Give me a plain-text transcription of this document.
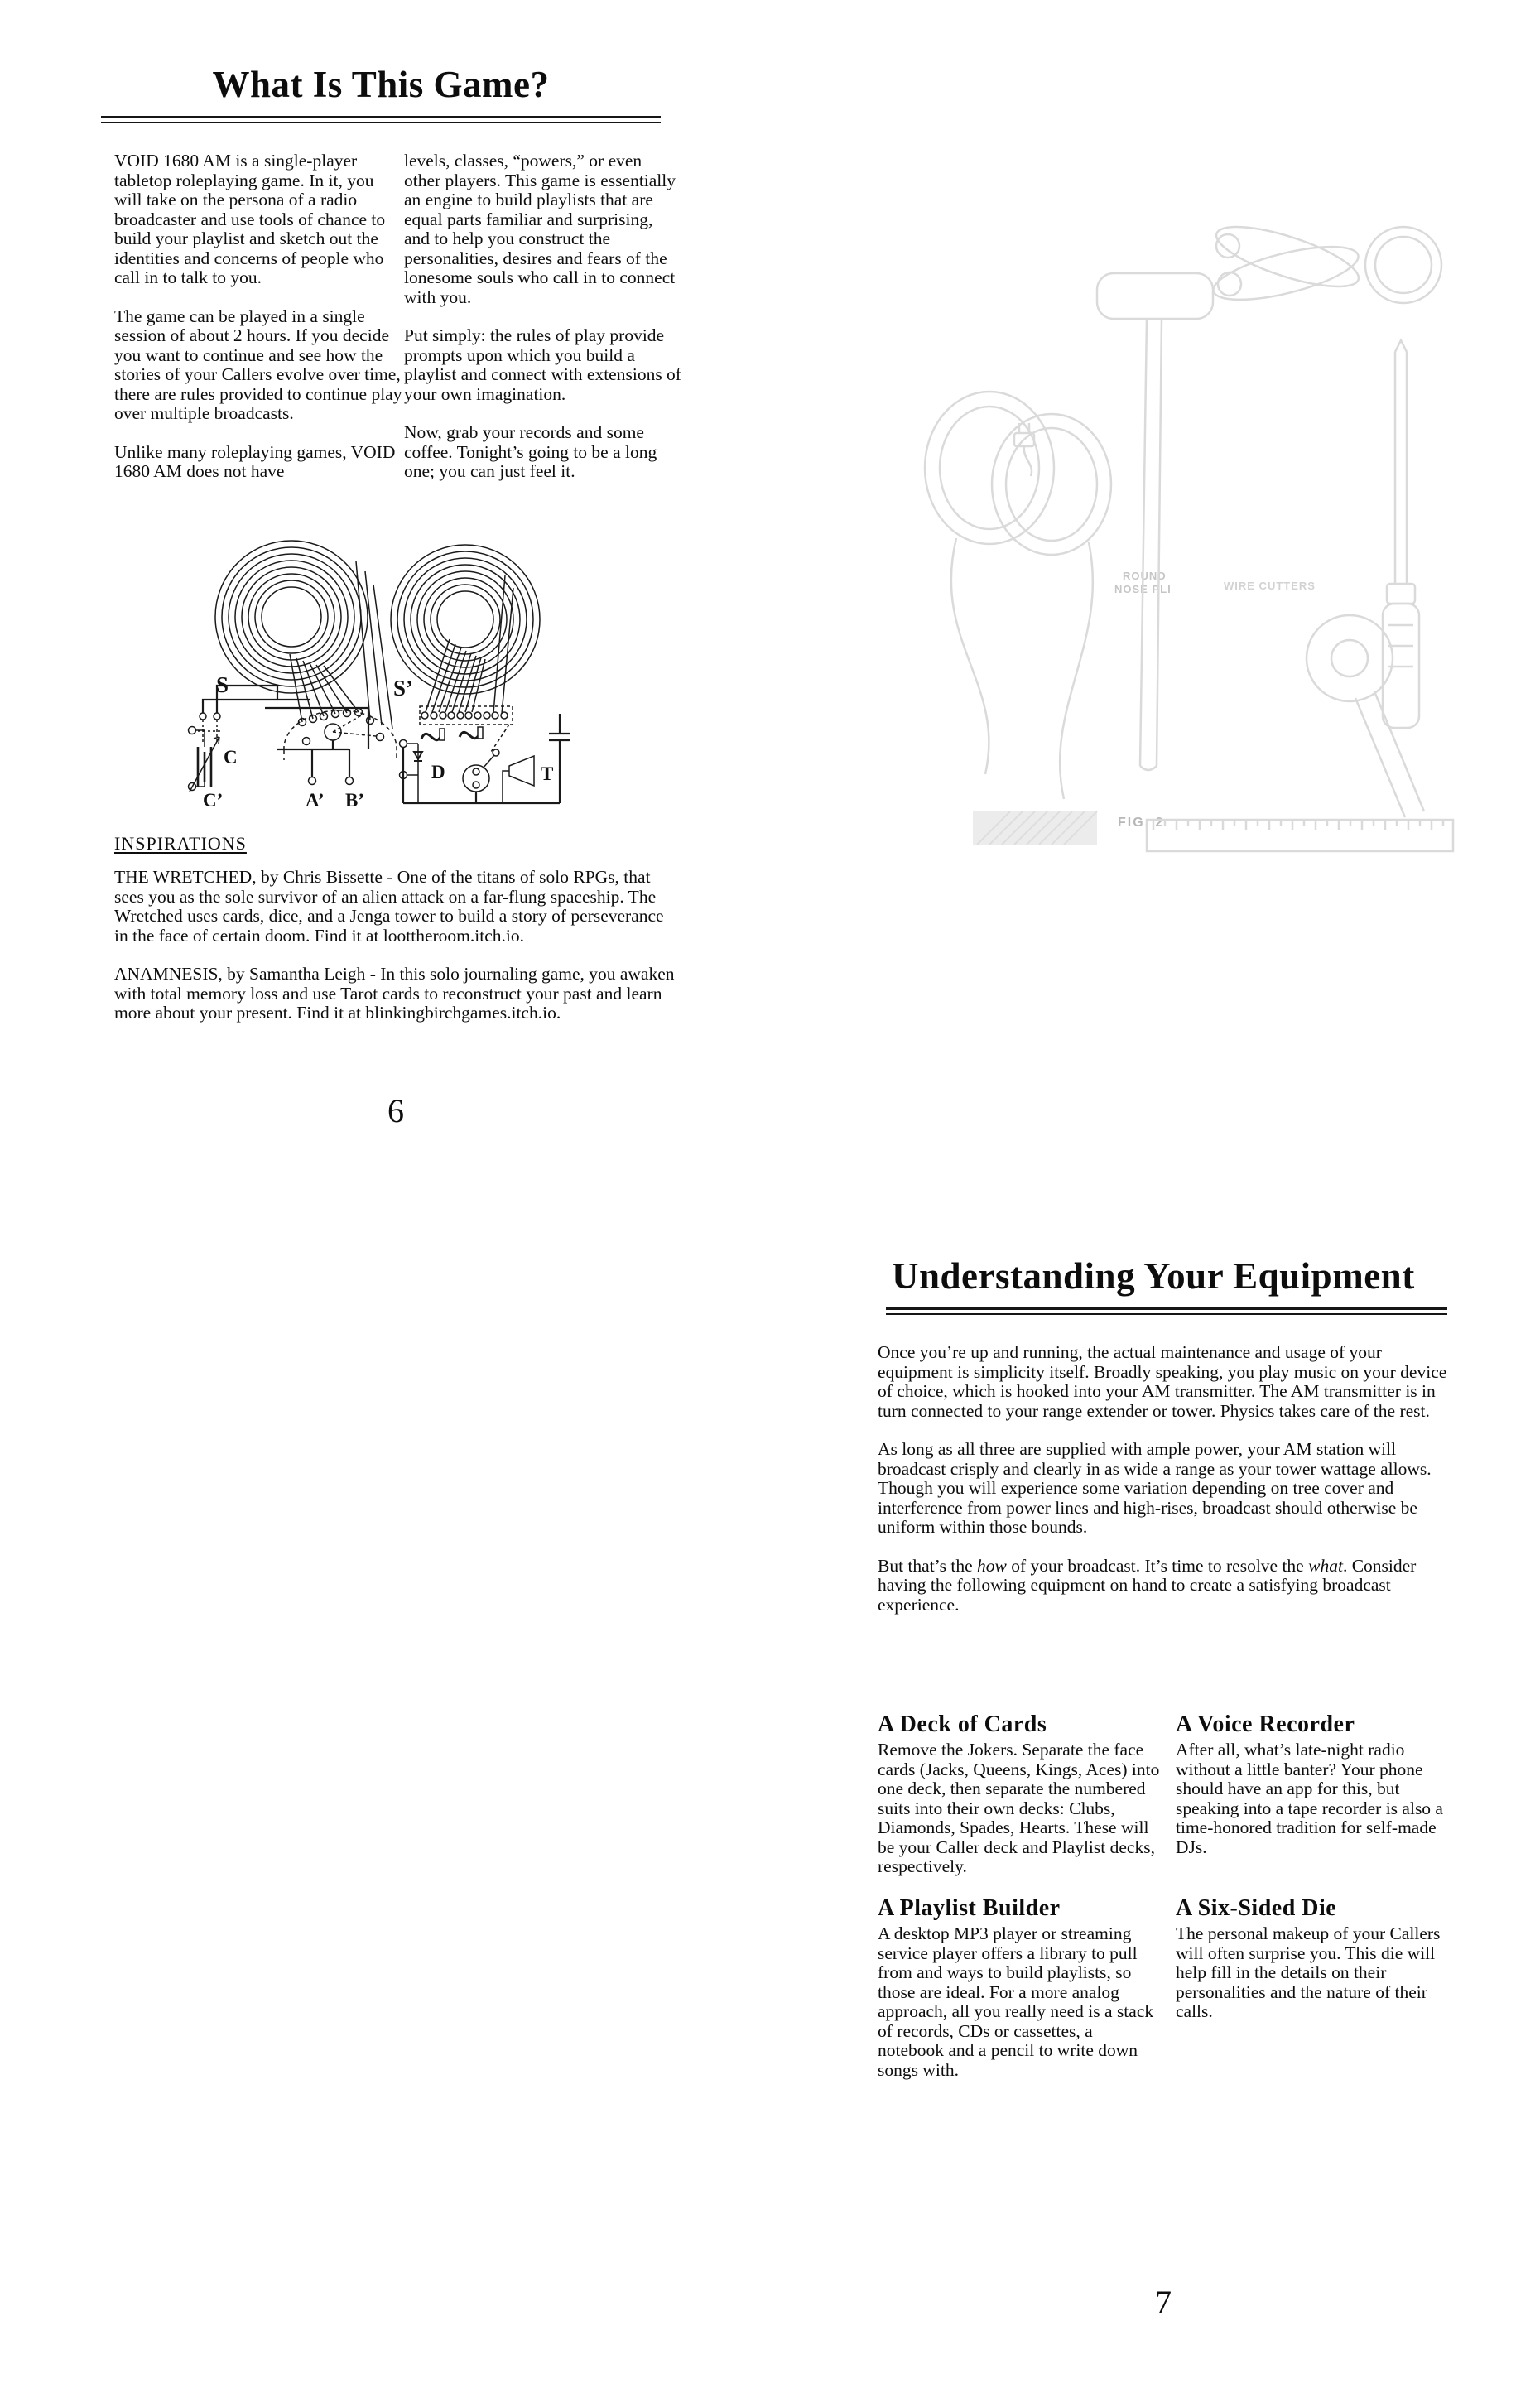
What Is This Game?

VOID 1680 AM is a single-player tabletop roleplaying game. In it, you will take on the persona of a radio broadcaster and use tools of chance to build your playlist and sketch out the identities and concerns of people who call in to talk to you.

The game can be played in a single session of about 2 hours. If you decide you want to continue and see how the stories of your Callers evolve over time, there are rules provided to continue play over multiple broadcasts.

Unlike many roleplaying games, VOID 1680 AM does not have

levels, classes, “powers,” or even other players. This game is essentially an engine to build playlists that are equal parts familiar and surprising, and to help you construct the personalities, desires and fears of the lonesome souls who call in to connect with you.

Put simply: the rules of play provide prompts upon which you build a playlist and connect with extensions of your own imagination.

Now, grab your records and some coffee. Tonight’s going to be a long one; you can just feel it.

S	S’
C
C’	A’ B’
D	T
INSPIRATIONS

THE WRETCHED, by Chris Bissette - One of the titans of solo RPGs, that sees you as the sole survivor of an alien attack on a far-flung spaceship. The Wretched uses cards, dice, and a Jenga tower to build a story of perseverance in the face of certain doom. Find it at loottheroom.itch.io.

ANAMNESIS, by Samantha Leigh - In this solo journaling game, you awaken with total memory loss and use Tarot cards to reconstruct your past and learn more about your present. Find it at blinkingbirchgames.itch.io.

6
ROUND
NOSE PLI	WIRE CUTTERS
FIG. 2
Understanding Your Equipment

Once you’re up and running, the actual maintenance and usage of your equipment is simplicity itself. Broadly speaking, you play music on your device of choice, which is hooked into your AM transmitter. The AM transmitter is in turn connected to your range extender or tower. Physics takes care of the rest.

As long as all three are supplied with ample power, your AM station will broadcast crisply and clearly in as wide a range as your tower wattage allows. Though you will experience some variation depending on tree cover and interference from power lines and high-rises, broadcast should otherwise be uniform within those bounds.

But that’s the how of your broadcast. It’s time to resolve the what. Consider having the following equipment on hand to create a satisfying broadcast experience.

A Deck of Cards

Remove the Jokers. Separate the face cards (Jacks, Queens, Kings, Aces) into one deck, then separate the numbered suits into their own decks: Clubs, Diamonds, Spades, Hearts. These will be your Caller deck and Playlist decks, respectively.

A Voice Recorder

After all, what’s late-night radio without a little banter? Your phone should have an app for this, but speaking into a tape recorder is also a time-honored tradition for self-made DJs.

A Playlist Builder

A desktop MP3 player or streaming service player offers a library to pull from and ways to build playlists, so those are ideal. For a more analog approach, all you really need is a stack of records, CDs or cassettes, a notebook and a pencil to write down songs with.

A Six-Sided Die

The personal makeup of your Callers will often surprise you. This die will help fill in the details on their personalities and the nature of their calls.

7
